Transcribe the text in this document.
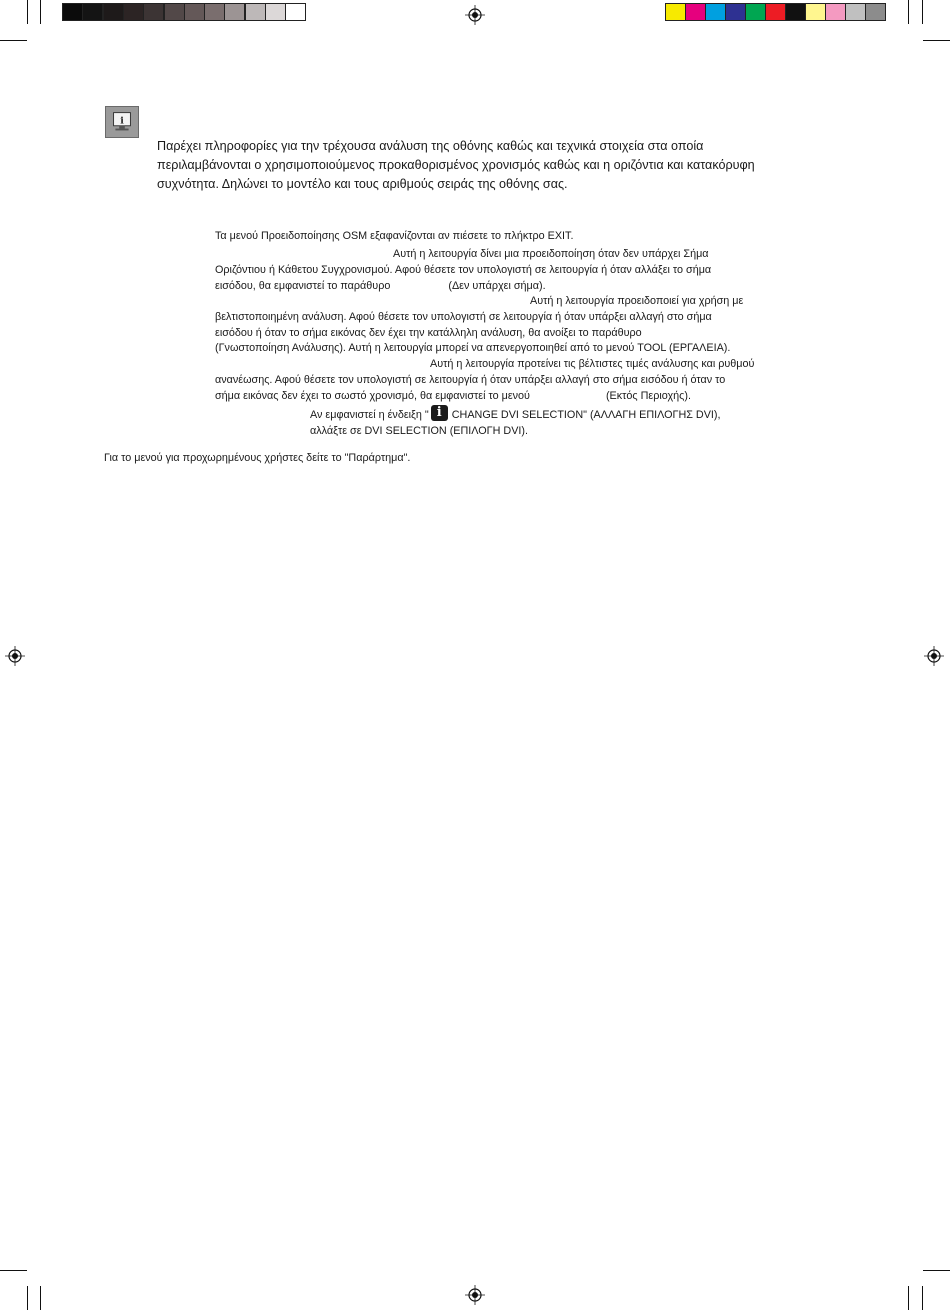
i
Παρέχει πληροφορίες για την τρέχουσα ανάλυση της οθόνης καθώς και τεχνικά στοιχεία στα οποία
περιλαμβάνονται ο χρησιμοποιούμενος προκαθορισμένος χρονισμός καθώς και η οριζόντια και κατακόρυφη
συχνότητα. Δηλώνει το μοντέλο και τους αριθμούς σειράς της οθόνης σας.
Τα μενού Προειδοποίησης OSM εξαφανίζονται αν πιέσετε το πλήκτρο EXIT.
Αυτή η λειτουργία δίνει μια προειδοποίηση όταν δεν υπάρχει Σήμα
Οριζόντιου ή Κάθετου Συγχρονισμού. Αφού θέσετε τον υπολογιστή σε λειτουργία ή όταν αλλάξει το σήμα
εισόδου, θα εμφανιστεί το παράθυρο	(Δεν υπάρχει σήμα).
Αυτή η λειτουργία προειδοποιεί για χρήση με
βελτιστοποιημένη ανάλυση. Αφού θέσετε τον υπολογιστή σε λειτουργία ή όταν υπάρξει αλλαγή στο σήμα
εισόδου ή όταν το σήμα εικόνας δεν έχει την κατάλληλη ανάλυση, θα ανοίξει το παράθυρο
(Γνωστοποίηση Ανάλυσης). Αυτή η λειτουργία μπορεί να απενεργοποιηθεί από το μενού TOOL (ΕΡΓΑΛΕΙΑ).
Αυτή η λειτουργία προτείνει τις βέλτιστες τιμές ανάλυσης και ρυθμού
ανανέωσης. Αφού θέσετε τον υπολογιστή σε λειτουργία ή όταν υπάρξει αλλαγή στο σήμα εισόδου ή όταν το
σήμα εικόνας δεν έχει το σωστό χρονισμό, θα εμφανιστεί το μενού	(Εκτός Περιοχής).
Αν εμφανιστεί η ένδειξη " i CHANGE DVI SELECTION" (ΑΛΛΑΓΗ ΕΠΙΛΟΓΗΣ DVI),
αλλάξτε σε DVI SELECTION (ΕΠΙΛΟΓΗ DVI).
Για το μενού για προχωρημένους χρήστες δείτε το "Παράρτημα".
